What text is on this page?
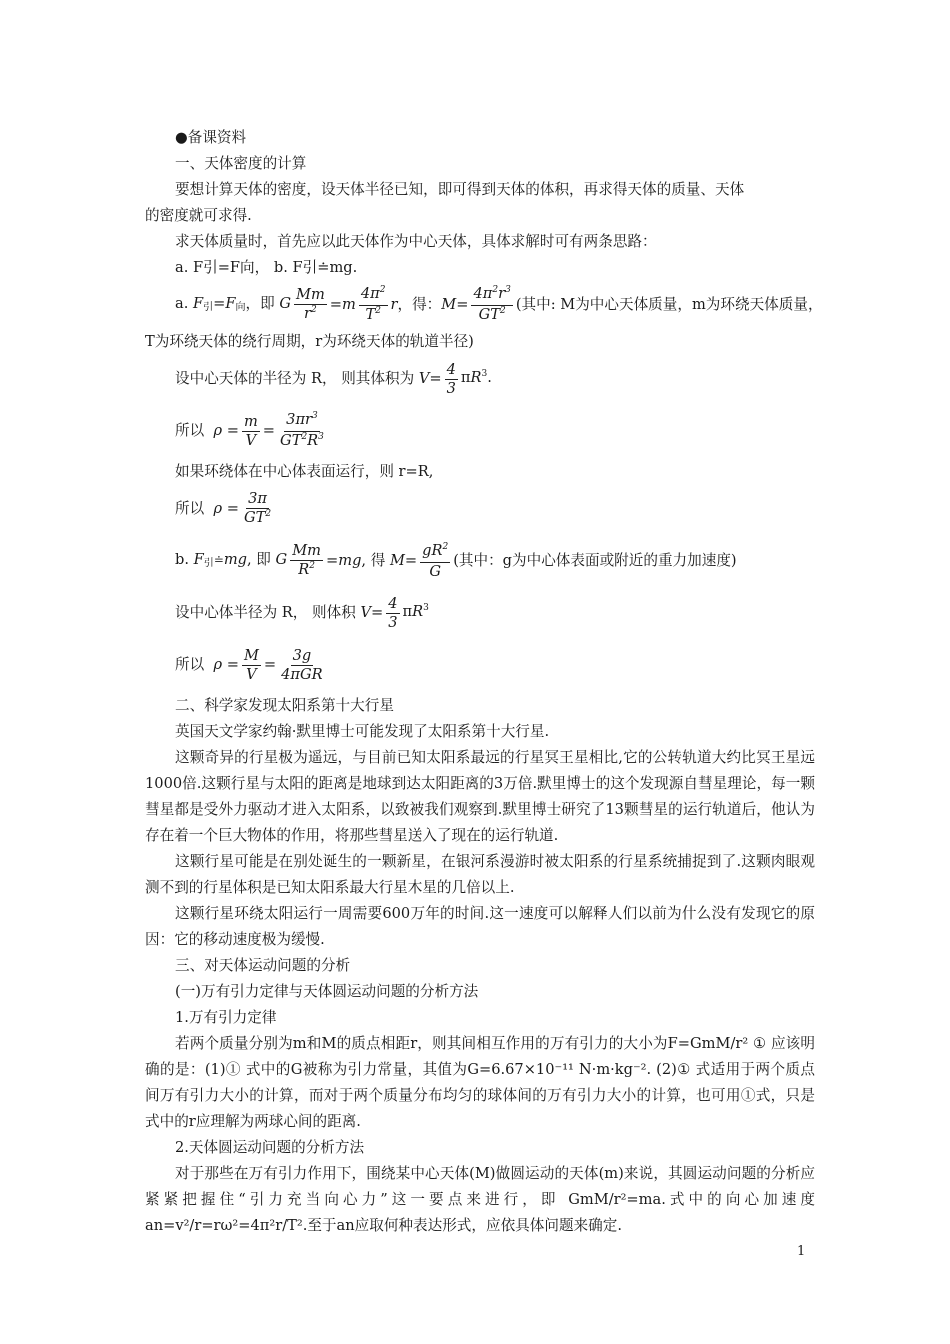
●备课资料
一、天体密度的计算
要想计算天体的密度，设天体半径已知，即可得到天体的体积，再求得天体的质量、天体
的密度就可求得.
求天体质量时，首先应以此天体作为中心天体，具体求解时可有两条思路：
a. F引=F向， b. F引≐mg.
a. F引=F向，即 G $\frac{Mm}{r^2} =m \frac{4\pi^2}{T^2}$ r ，得：$M= \frac{4\pi^2r^3}{GT^2}$ (其中: M为中心天体质量，m为环绕天体质量，
T为环绕天体的绕行周期，r为环绕天体的轨道半径)
设中心天体的半径为 R， 则其体积为 $V= \frac{4}{3} \pi R^3$.
所以 $\rho = \frac{m}{V} = \frac{3\pi r^3}{GT^2R^3}$
如果环绕体在中心体表面运行，则 r=R,
所以 $\rho = \frac{3\pi}{GT^2}$
b. F引≐mg, 即 G $\frac{Mm}{R^2} =mg$, 得 $M= \frac{gR^2}{G}$ (其中：g为中心体表面或附近的重力加速度)
设中心体半径为 R， 则体积 $V= \frac{4}{3} \pi R^3$
所以 $\rho = \frac{M}{V} = \frac{3g}{\text{4πGR}}$
二、科学家发现太阳系第十大行星
英国天文学家约翰·默里博士可能发现了太阳系第十大行星.
这颗奇异的行星极为遥远，与目前已知太阳系最远的行星冥王星相比,它的公转轨道大约比冥王星远1000倍.这颗行星与太阳的距离是地球到达太阳距离的3万倍.默里博士的这个发现源自彗星理论，每一颗彗星都是受外力驱动才进入太阳系，以致被我们观察到.默里博士研究了13颗彗星的运行轨道后，他认为存在着一个巨大物体的作用，将那些彗星送入了现在的运行轨道.
这颗行星可能是在别处诞生的一颗新星，在银河系漫游时被太阳系的行星系统捕捉到了.这颗肉眼观测不到的行星体积是已知太阳系最大行星木星的几倍以上.
这颗行星环绕太阳运行一周需要600万年的时间.这一速度可以解释人们以前为什么没有发现它的原因：它的移动速度极为缓慢.
三、对天体运动问题的分析
(一)万有引力定律与天体圆运动问题的分析方法
1.万有引力定律
若两个质量分别为m和M的质点相距r，则其间相互作用的万有引力的大小为F=GmM/r² ① 应该明确的是：(1)① 式中的G被称为引力常量，其值为G=6.67×10⁻¹¹ N·m·kg⁻². (2)① 式适用于两个质点间万有引力大小的计算，而对于两个质量分布均匀的球体间的万有引力大小的计算，也可用①式，只是式中的r应理解为两球心间的距离.
2.天体圆运动问题的分析方法
对于那些在万有引力作用下，围绕某中心天体(M)做圆运动的天体(m)来说，其圆运动问题的分析应紧紧把握住“引力充当向心力”这一要点来进行，即 GmM/r²=ma.式中的向心加速度 an=v²/r=rω²=4π²r/T².至于an应取何种表达形式，应依具体问题来确定.
1
